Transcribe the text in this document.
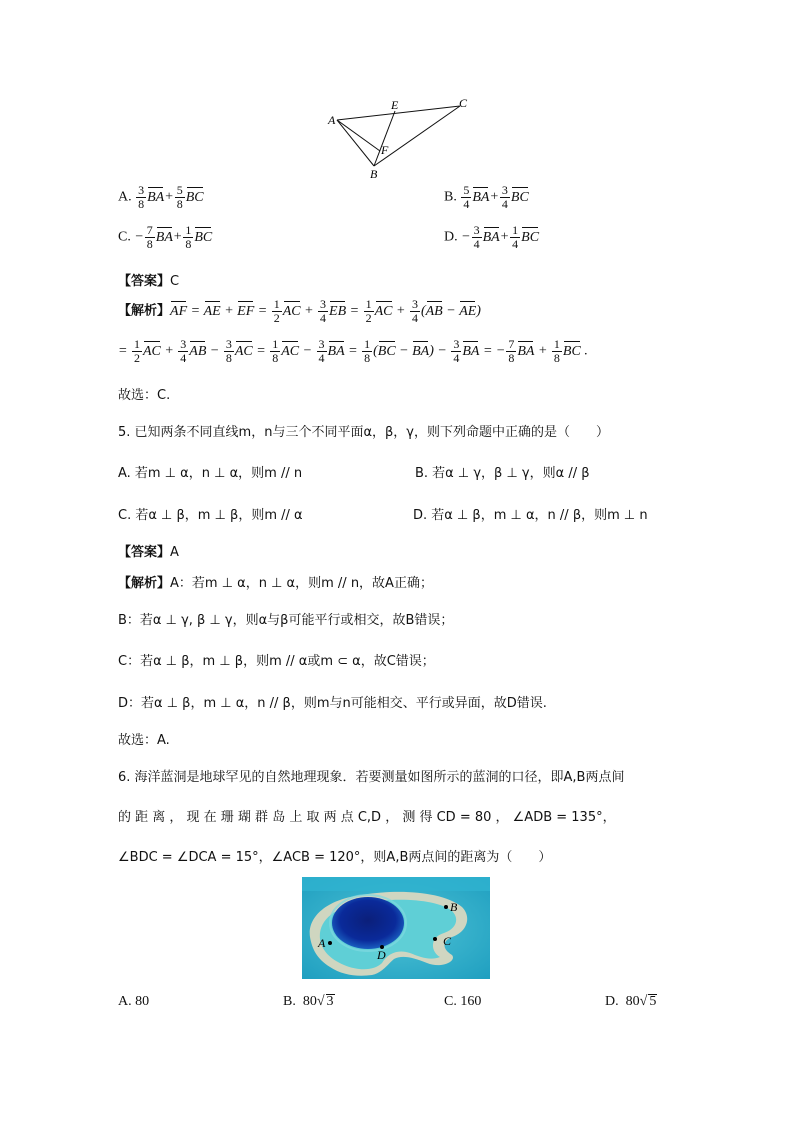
A
E	C
F
B
A. $\frac{3}{8} BA+ \frac{5}{8}$ BC	B. $\frac{5}{4} BA+ \frac{3}{4}$ BC
C. − $\frac{7}{8} BA+ \frac{1}{8}$ BC	D. − $\frac{3}{4} BA+ \frac{1}{4}$ BC
【答案】C
【解析】AF = AE + EF = $\frac{1}{2}$ AC + $\frac{3}{4}$ EB = $\frac{1}{2}$ AC + $\frac{3}{4} (AB - AE)$
= $\frac{1}{2}$ AC + $\frac{3}{4}$ AB − $\frac{3}{8}$ AC = $\frac{1}{8}$ AC − $\frac{3}{4}$ BA = $\frac{1}{8} (BC - BA) - \frac{3}{4}$ BA = − $\frac{7}{8}$ BA + $\frac{1}{8}$ BC .
故选：C.
5. 已知两条不同直线m，n与三个不同平面α，β，γ，则下列命题中正确的是（　　）
A. 若m ⊥ α，n ⊥ α，则m // n	B. 若α ⊥ γ，β ⊥ γ，则α // β
C. 若α ⊥ β，m ⊥ β，则m // α	D. 若α ⊥ β，m ⊥ α，n // β，则m ⊥ n
【答案】A
【解析】A：若m ⊥ α，n ⊥ α，则m // n，故A正确；
B：若α ⊥ γ, β ⊥ γ，则α与β可能平行或相交，故B错误；
C：若α ⊥ β，m ⊥ β，则m // α或m ⊂ α，故C错误；
D：若α ⊥ β，m ⊥ α，n // β，则m与n可能相交、平行或异面，故D错误.
故选：A.
6. 海洋蓝洞是地球罕见的自然地理现象．若要测量如图所示的蓝洞的口径，即A,B两点间
的 距 离 ， 现 在 珊 瑚 群 岛 上 取 两 点 C,D ， 测 得 CD = 80 ， ∠ADB = 135°，
∠BDC = ∠DCA = 15°，∠ACB = 120°，则A,B两点间的距离为（　　）
B
C
D
A
A. 80	B. 80√ 3	C. 160	D. 80√ 5
